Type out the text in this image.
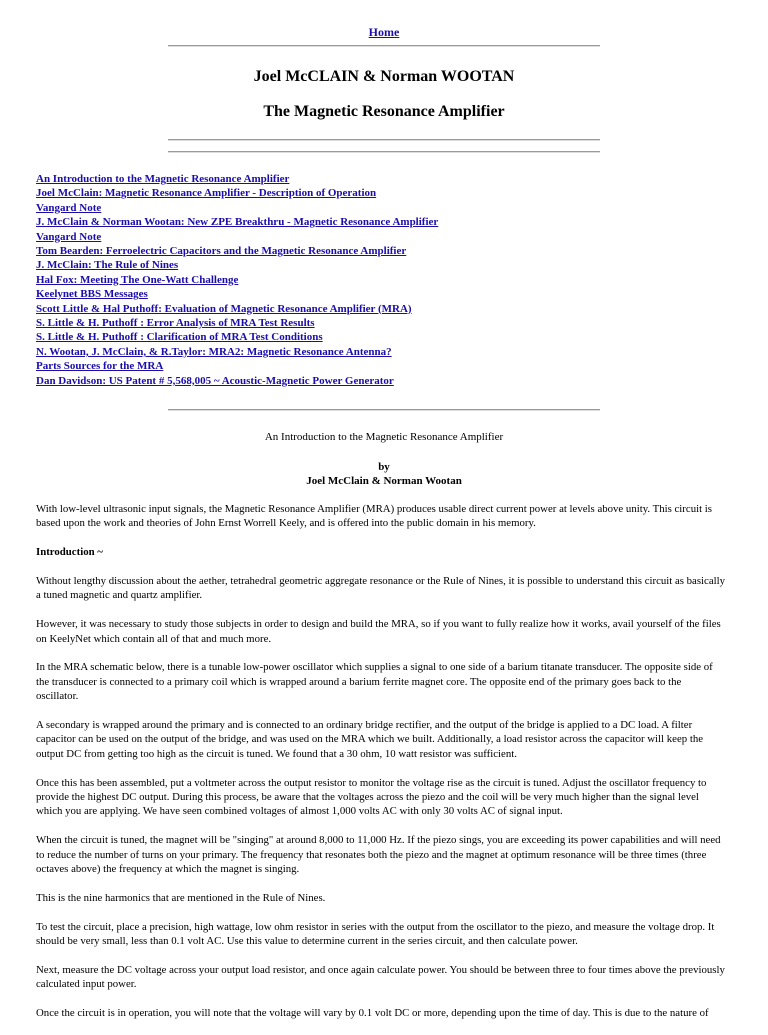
Home
Joel McCLAIN & Norman WOOTAN
The Magnetic Resonance Amplifier
An Introduction to the Magnetic Resonance Amplifier
Joel McClain: Magnetic Resonance Amplifier - Description of Operation
Vangard Note
J. McClain & Norman Wootan: New ZPE Breakthru - Magnetic Resonance Amplifier
Vangard Note
Tom Bearden: Ferroelectric Capacitors and the Magnetic Resonance Amplifier
J. McClain: The Rule of Nines
Hal Fox: Meeting The One-Watt Challenge
Keelynet BBS Messages
Scott Little & Hal Puthoff: Evaluation of Magnetic Resonance Amplifier (MRA)
S. Little & H. Puthoff : Error Analysis of MRA Test Results
S. Little & H. Puthoff : Clarification of MRA Test Conditions
N. Wootan, J. McClain, & R.Taylor: MRA2: Magnetic Resonance Antenna?
Parts Sources for the MRA
Dan Davidson: US Patent # 5,568,005 ~ Acoustic-Magnetic Power Generator
An Introduction to the Magnetic Resonance Amplifier
by
Joel McClain & Norman Wootan

With low-level ultrasonic input signals, the Magnetic Resonance Amplifier (MRA) produces usable direct current power at levels above unity. This circuit is based upon the work and theories of John Ernst Worrell Keely, and is offered into the public domain in his memory.

Introduction ~

Without lengthy discussion about the aether, tetrahedral geometric aggregate resonance or the Rule of Nines, it is possible to understand this circuit as basically a tuned magnetic and quartz amplifier.

However, it was necessary to study those subjects in order to design and build the MRA, so if you want to fully realize how it works, avail yourself of the files on KeelyNet which contain all of that and much more.

In the MRA schematic below, there is a tunable low-power oscillator which supplies a signal to one side of a barium titanate transducer. The opposite side of the transducer is connected to a primary coil which is wrapped around a barium ferrite magnet core. The opposite end of the primary goes back to the oscillator.

A secondary is wrapped around the primary and is connected to an ordinary bridge rectifier, and the output of the bridge is applied to a DC load. A filter capacitor can be used on the output of the bridge, and was used on the MRA which we built. Additionally, a load resistor across the capacitor will keep the output DC from getting too high as the circuit is tuned. We found that a 30 ohm, 10 watt resistor was sufficient.

Once this has been assembled, put a voltmeter across the output resistor to monitor the voltage rise as the circuit is tuned. Adjust the oscillator frequency to provide the highest DC output. During this process, be aware that the voltages across the piezo and the coil will be very much higher than the signal level which you are applying. We have seen combined voltages of almost 1,000 volts AC with only 30 volts AC of signal input.

When the circuit is tuned, the magnet will be "singing" at around 8,000 to 11,000 Hz. If the piezo sings, you are exceeding its power capabilities and will need to reduce the number of turns on your primary. The frequency that resonates both the piezo and the magnet at optimum resonance will be three times (three octaves above) the frequency at which the magnet is singing.

This is the nine harmonics that are mentioned in the Rule of Nines.

To test the circuit, place a precision, high wattage, low ohm resistor in series with the output from the oscillator to the piezo, and measure the voltage drop. It should be very small, less than 0.1 volt AC. Use this value to determine current in the series circuit, and then calculate power.

Next, measure the DC voltage across your output load resistor, and once again calculate power. You should be between three to four times above the previously calculated input power.

Once the circuit is in operation, you will note that the voltage will vary by 0.1 volt DC or more, depending upon the time of day. This is due to the nature of
